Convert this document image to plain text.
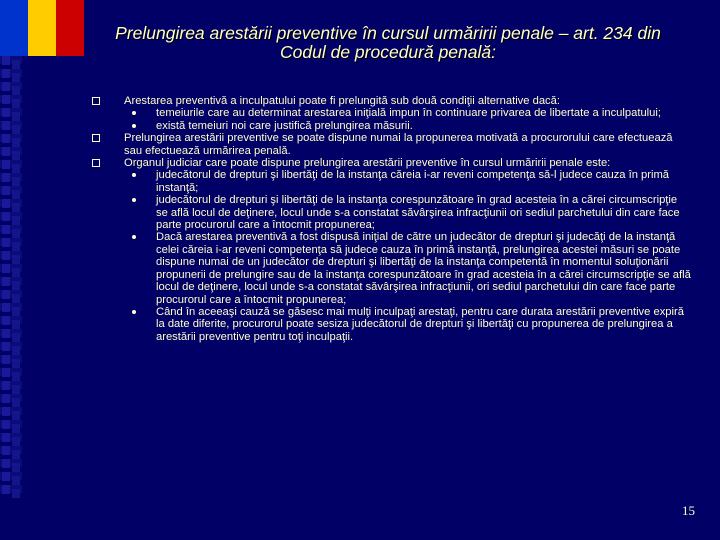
Prelungirea arestării preventive în cursul urmăririi penale – art. 234 din Codul de procedură penală:
Arestarea preventivă a inculpatului poate fi prelungită sub două condiţii alternative dacă:
temeiurile care au determinat arestarea iniţială impun în continuare privarea de libertate a inculpatului;
există temeiuri noi care justifică prelungirea măsurii.
Prelungirea arestării preventive se poate dispune numai la propunerea motivată a procurorului care efectuează sau efectuează urmărirea penală.
Organul judiciar care poate dispune prelungirea arestării preventive în cursul urmăririi penale este:
judecătorul de drepturi şi libertăţi de la instanţa căreia i-ar reveni competenţa să-l judece cauza în primă instanţă;
judecătorul de drepturi şi libertăţi de la instanţa corespunzătoare în grad acesteia în a cărei circumscripţie se află locul de deţinere, locul unde s-a constatat săvârşirea infracţiunii ori sediul parchetului din care face parte procurorul care a întocmit propunerea;
Dacă arestarea preventivă a fost dispusă iniţial de către un judecător de drepturi şi judecăţi de la instanţă celei căreia i-ar reveni competenţa să judece cauza în primă instanţă, prelungirea acestei măsuri se poate dispune numai de un judecător de drepturi şi libertăţi de la instanţa competentă în momentul soluţionării propunerii de prelungire sau de la instanţa corespunzătoare în grad acesteia în a cărei circumscripţie se află locul de deţinere, locul unde s-a constatat săvârşirea infracţiunii, ori sediul parchetului din care face parte procurorul care a întocmit propunerea;
Când în aceeaşi cauză se găsesc mai mulţi inculpaţi arestaţi, pentru care durata arestării preventive expiră la date diferite, procurorul poate sesiza judecătorul de drepturi şi libertăţi cu propunerea de prelungirea a arestării preventive pentru toţi inculpaţii.
15
